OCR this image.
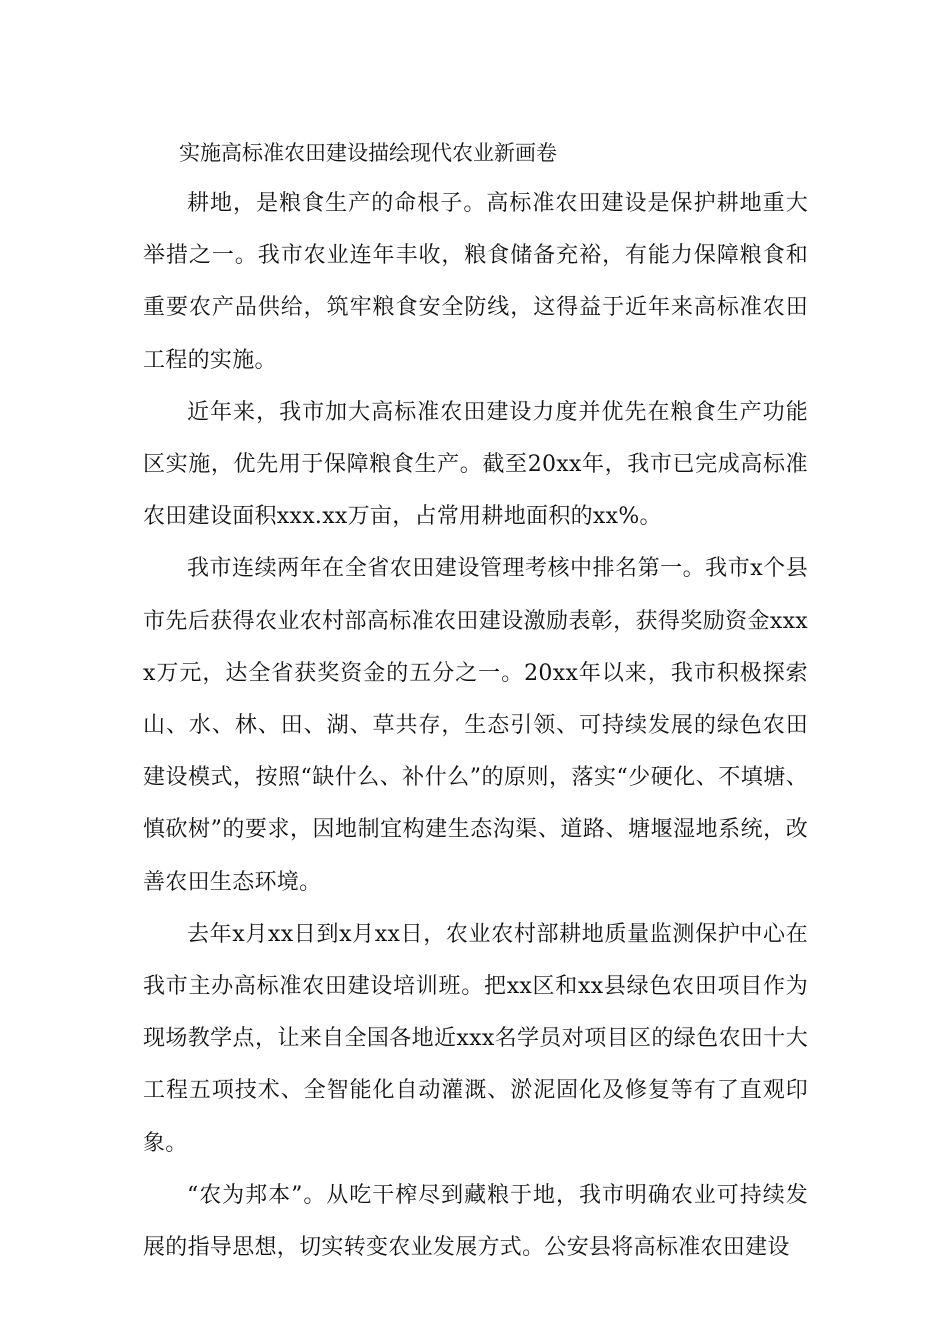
实施高标准农田建设描绘现代农业新画卷

耕地，是粮食生产的命根子。高标准农田建设是保护耕地重大举措之一。我市农业连年丰收，粮食储备充裕，有能力保障粮食和重要农产品供给，筑牢粮食安全防线，这得益于近年来高标准农田工程的实施。

近年来，我市加大高标准农田建设力度并优先在粮食生产功能区实施，优先用于保障粮食生产。截至20xx年，我市已完成高标准农田建设面积xxx.xx万亩，占常用耕地面积的xx%。

我市连续两年在全省农田建设管理考核中排名第一。我市x个县市先后获得农业农村部高标准农田建设激励表彰，获得奖励资金xxxx万元，达全省获奖资金的五分之一。20xx年以来，我市积极探索山、水、林、田、湖、草共存，生态引领、可持续发展的绿色农田建设模式，按照“缺什么、补什么”的原则，落实“少硬化、不填塘、慎砍树”的要求，因地制宜构建生态沟渠、道路、塘堰湿地系统，改善农田生态环境。

去年x月xx日到x月xx日，农业农村部耕地质量监测保护中心在我市主办高标准农田建设培训班。把xx区和xx县绿色农田项目作为现场教学点，让来自全国各地近xxx名学员对项目区的绿色农田十大工程五项技术、全智能化自动灌溉、淤泥固化及修复等有了直观印象。

“农为邦本”。从吃干榨尽到藏粮于地，我市明确农业可持续发展的指导思想，切实转变农业发展方式。公安县将高标准农田建设
